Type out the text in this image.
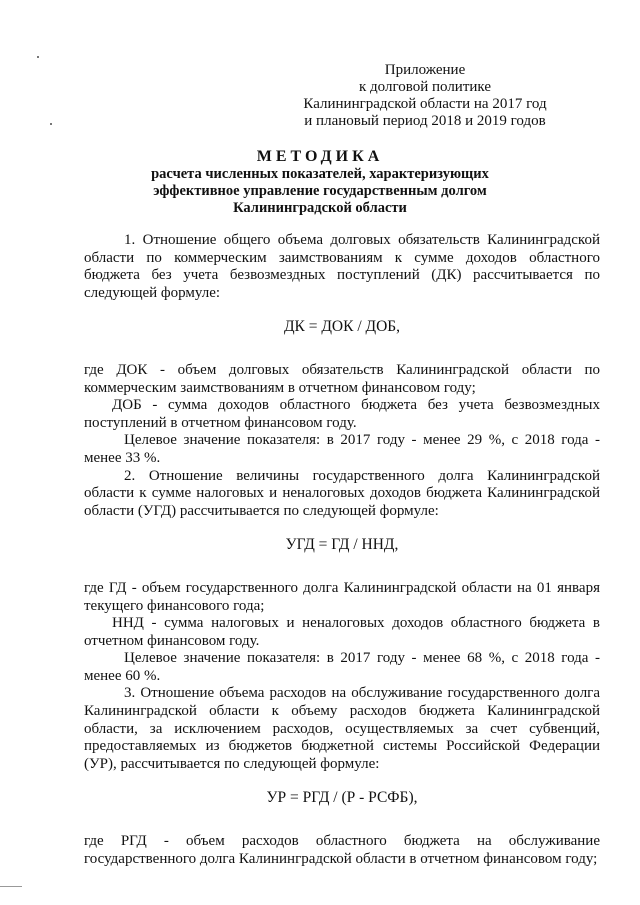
Приложение
к долговой политике
Калининградской области на 2017 год
и плановый период 2018 и 2019 годов
МЕТОДИКА
расчета численных показателей, характеризующих
эффективное управление государственным долгом
Калининградской области

1. Отношение общего объема долговых обязательств Калининградской области по коммерческим заимствованиям к сумме доходов областного бюджета без учета безвозмездных поступлений (ДК) рассчитывается по следующей формуле:

ДК = ДОК / ДОБ,

где ДОК - объем долговых обязательств Калининградской области по коммерческим заимствованиям в отчетном финансовом году;

ДОБ - сумма доходов областного бюджета без учета безвозмездных поступлений в отчетном финансовом году.

Целевое значение показателя: в 2017 году - менее 29 %, с 2018 года - менее 33 %.

2. Отношение величины государственного долга Калининградской области к сумме налоговых и неналоговых доходов бюджета Калининградской области (УГД) рассчитывается по следующей формуле:

УГД = ГД / ННД,

где ГД - объем государственного долга Калининградской области на 01 января текущего финансового года;

ННД - сумма налоговых и неналоговых доходов областного бюджета в отчетном финансовом году.

Целевое значение показателя: в 2017 году - менее 68 %, с 2018 года - менее 60 %.

3. Отношение объема расходов на обслуживание государственного долга Калининградской области к объему расходов бюджета Калининградской области, за исключением расходов, осуществляемых за счет субвенций, предоставляемых из бюджетов бюджетной системы Российской Федерации (УР), рассчитывается по следующей формуле:

УР = РГД / (Р - РСФБ),

где РГД - объем расходов областного бюджета на обслуживание государственного долга Калининградской области в отчетном финансовом году;
